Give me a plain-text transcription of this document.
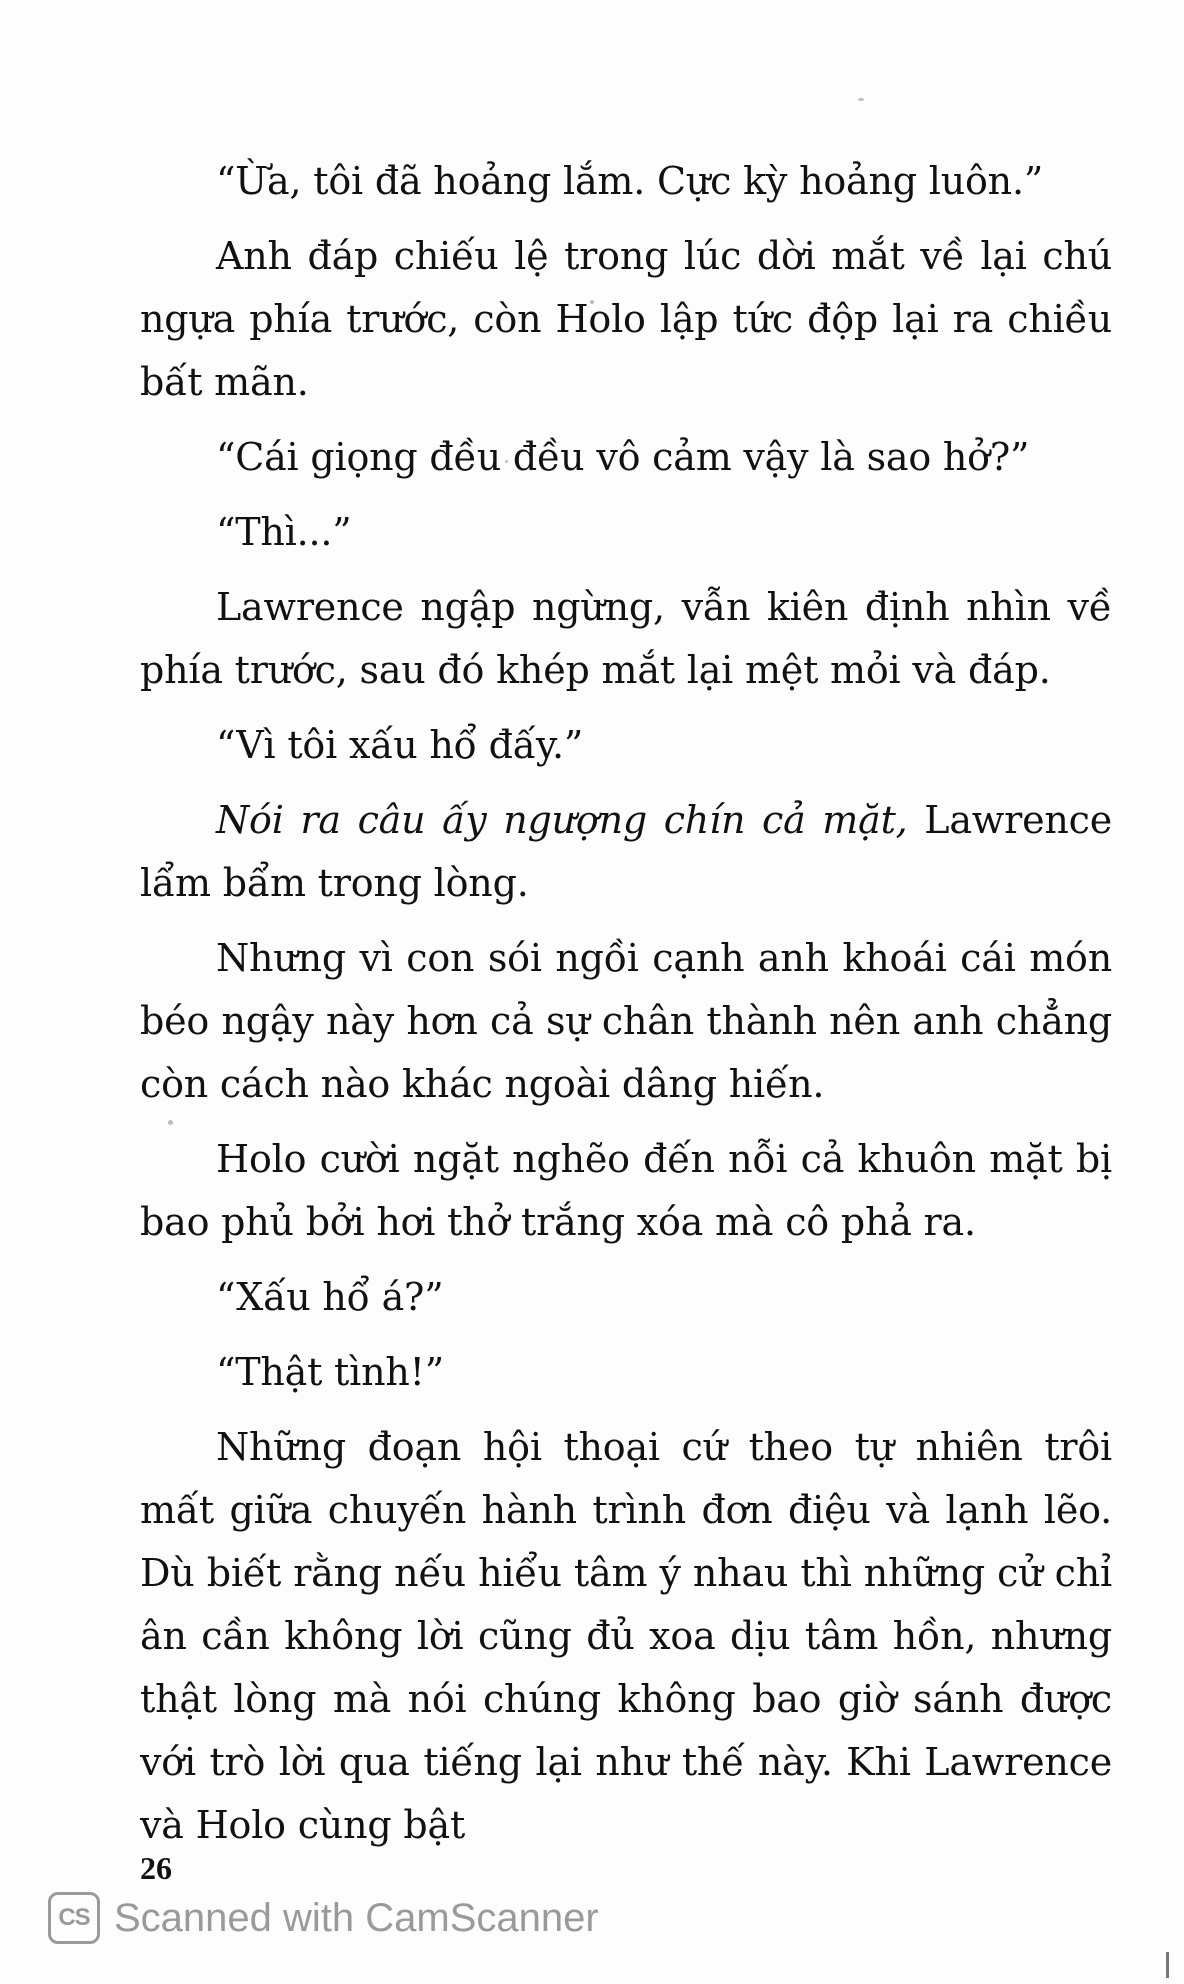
“Ừa, tôi đã hoảng lắm. Cực kỳ hoảng luôn.”

Anh đáp chiếu lệ trong lúc dời mắt về lại chú ngựa phía trước, còn Holo lập tức độp lại ra chiều bất mãn.

“Cái giọng đều đều vô cảm vậy là sao hở?”

“Thì...”

Lawrence ngập ngừng, vẫn kiên định nhìn về phía trước, sau đó khép mắt lại mệt mỏi và đáp.

“Vì tôi xấu hổ đấy.”

Nói ra câu ấy ngượng chín cả mặt, Lawrence lẩm bẩm trong lòng.

Nhưng vì con sói ngồi cạnh anh khoái cái món béo ngậy này hơn cả sự chân thành nên anh chẳng còn cách nào khác ngoài dâng hiến.

Holo cười ngặt nghẽo đến nỗi cả khuôn mặt bị bao phủ bởi hơi thở trắng xóa mà cô phả ra.

“Xấu hổ á?”

“Thật tình!”

Những đoạn hội thoại cứ theo tự nhiên trôi mất giữa chuyến hành trình đơn điệu và lạnh lẽo. Dù biết rằng nếu hiểu tâm ý nhau thì những cử chỉ ân cần không lời cũng đủ xoa dịu tâm hồn, nhưng thật lòng mà nói chúng không bao giờ sánh được với trò lời qua tiếng lại như thế này. Khi Lawrence và Holo cùng bật

26
CS Scanned with CamScanner
